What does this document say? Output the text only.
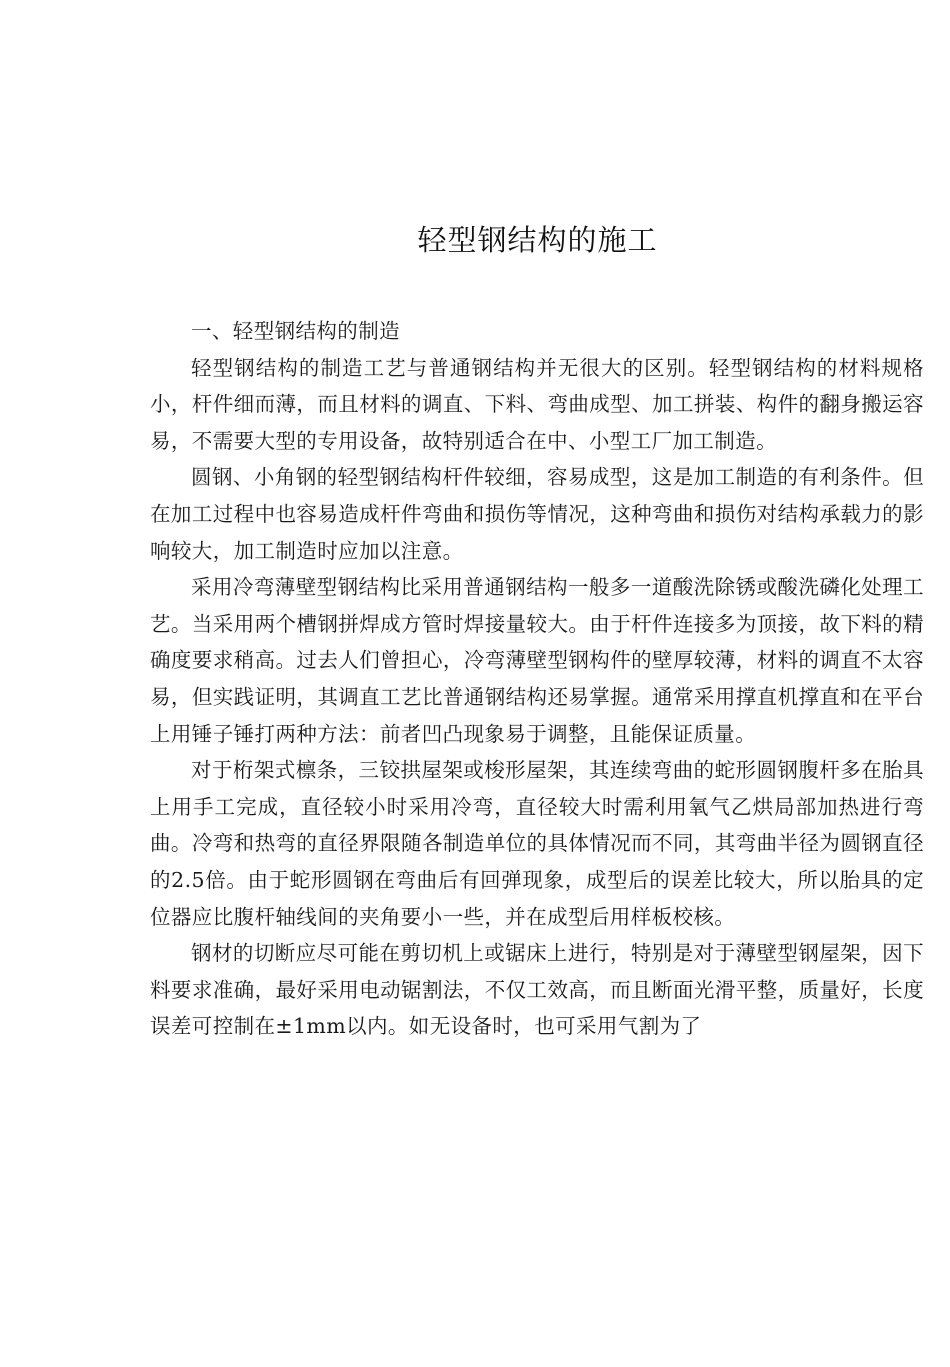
轻型钢结构的施工

一、轻型钢结构的制造

轻型钢结构的制造工艺与普通钢结构并无很大的区别。轻型钢结构的材料规格小，杆件细而薄，而且材料的调直、下料、弯曲成型、加工拼装、构件的翻身搬运容易，不需要大型的专用设备，故特别适合在中、小型工厂加工制造。

圆钢、小角钢的轻型钢结构杆件较细，容易成型，这是加工制造的有利条件。但在加工过程中也容易造成杆件弯曲和损伤等情况，这种弯曲和损伤对结构承载力的影响较大，加工制造时应加以注意。

采用冷弯薄壁型钢结构比采用普通钢结构一般多一道酸洗除锈或酸洗磷化处理工艺。当采用两个槽钢拼焊成方管时焊接量较大。由于杆件连接多为顶接，故下料的精确度要求稍高。过去人们曾担心，冷弯薄壁型钢构件的壁厚较薄，材料的调直不太容易，但实践证明，其调直工艺比普通钢结构还易掌握。通常采用撑直机撑直和在平台上用锤子锤打两种方法：前者凹凸现象易于调整，且能保证质量。

对于桁架式檩条，三铰拱屋架或梭形屋架，其连续弯曲的蛇形圆钢腹杆多在胎具上用手工完成，直径较小时采用冷弯，直径较大时需利用氧气乙烘局部加热进行弯曲。冷弯和热弯的直径界限随各制造单位的具体情况而不同，其弯曲半径为圆钢直径的2.5倍。由于蛇形圆钢在弯曲后有回弹现象，成型后的误差比较大，所以胎具的定位器应比腹杆轴线间的夹角要小一些，并在成型后用样板校核。

钢材的切断应尽可能在剪切机上或锯床上进行，特别是对于薄壁型钢屋架，因下料要求准确，最好采用电动锯割法，不仅工效高，而且断面光滑平整，质量好，长度误差可控制在±1mm以内。如无设备时，也可采用气割为了
